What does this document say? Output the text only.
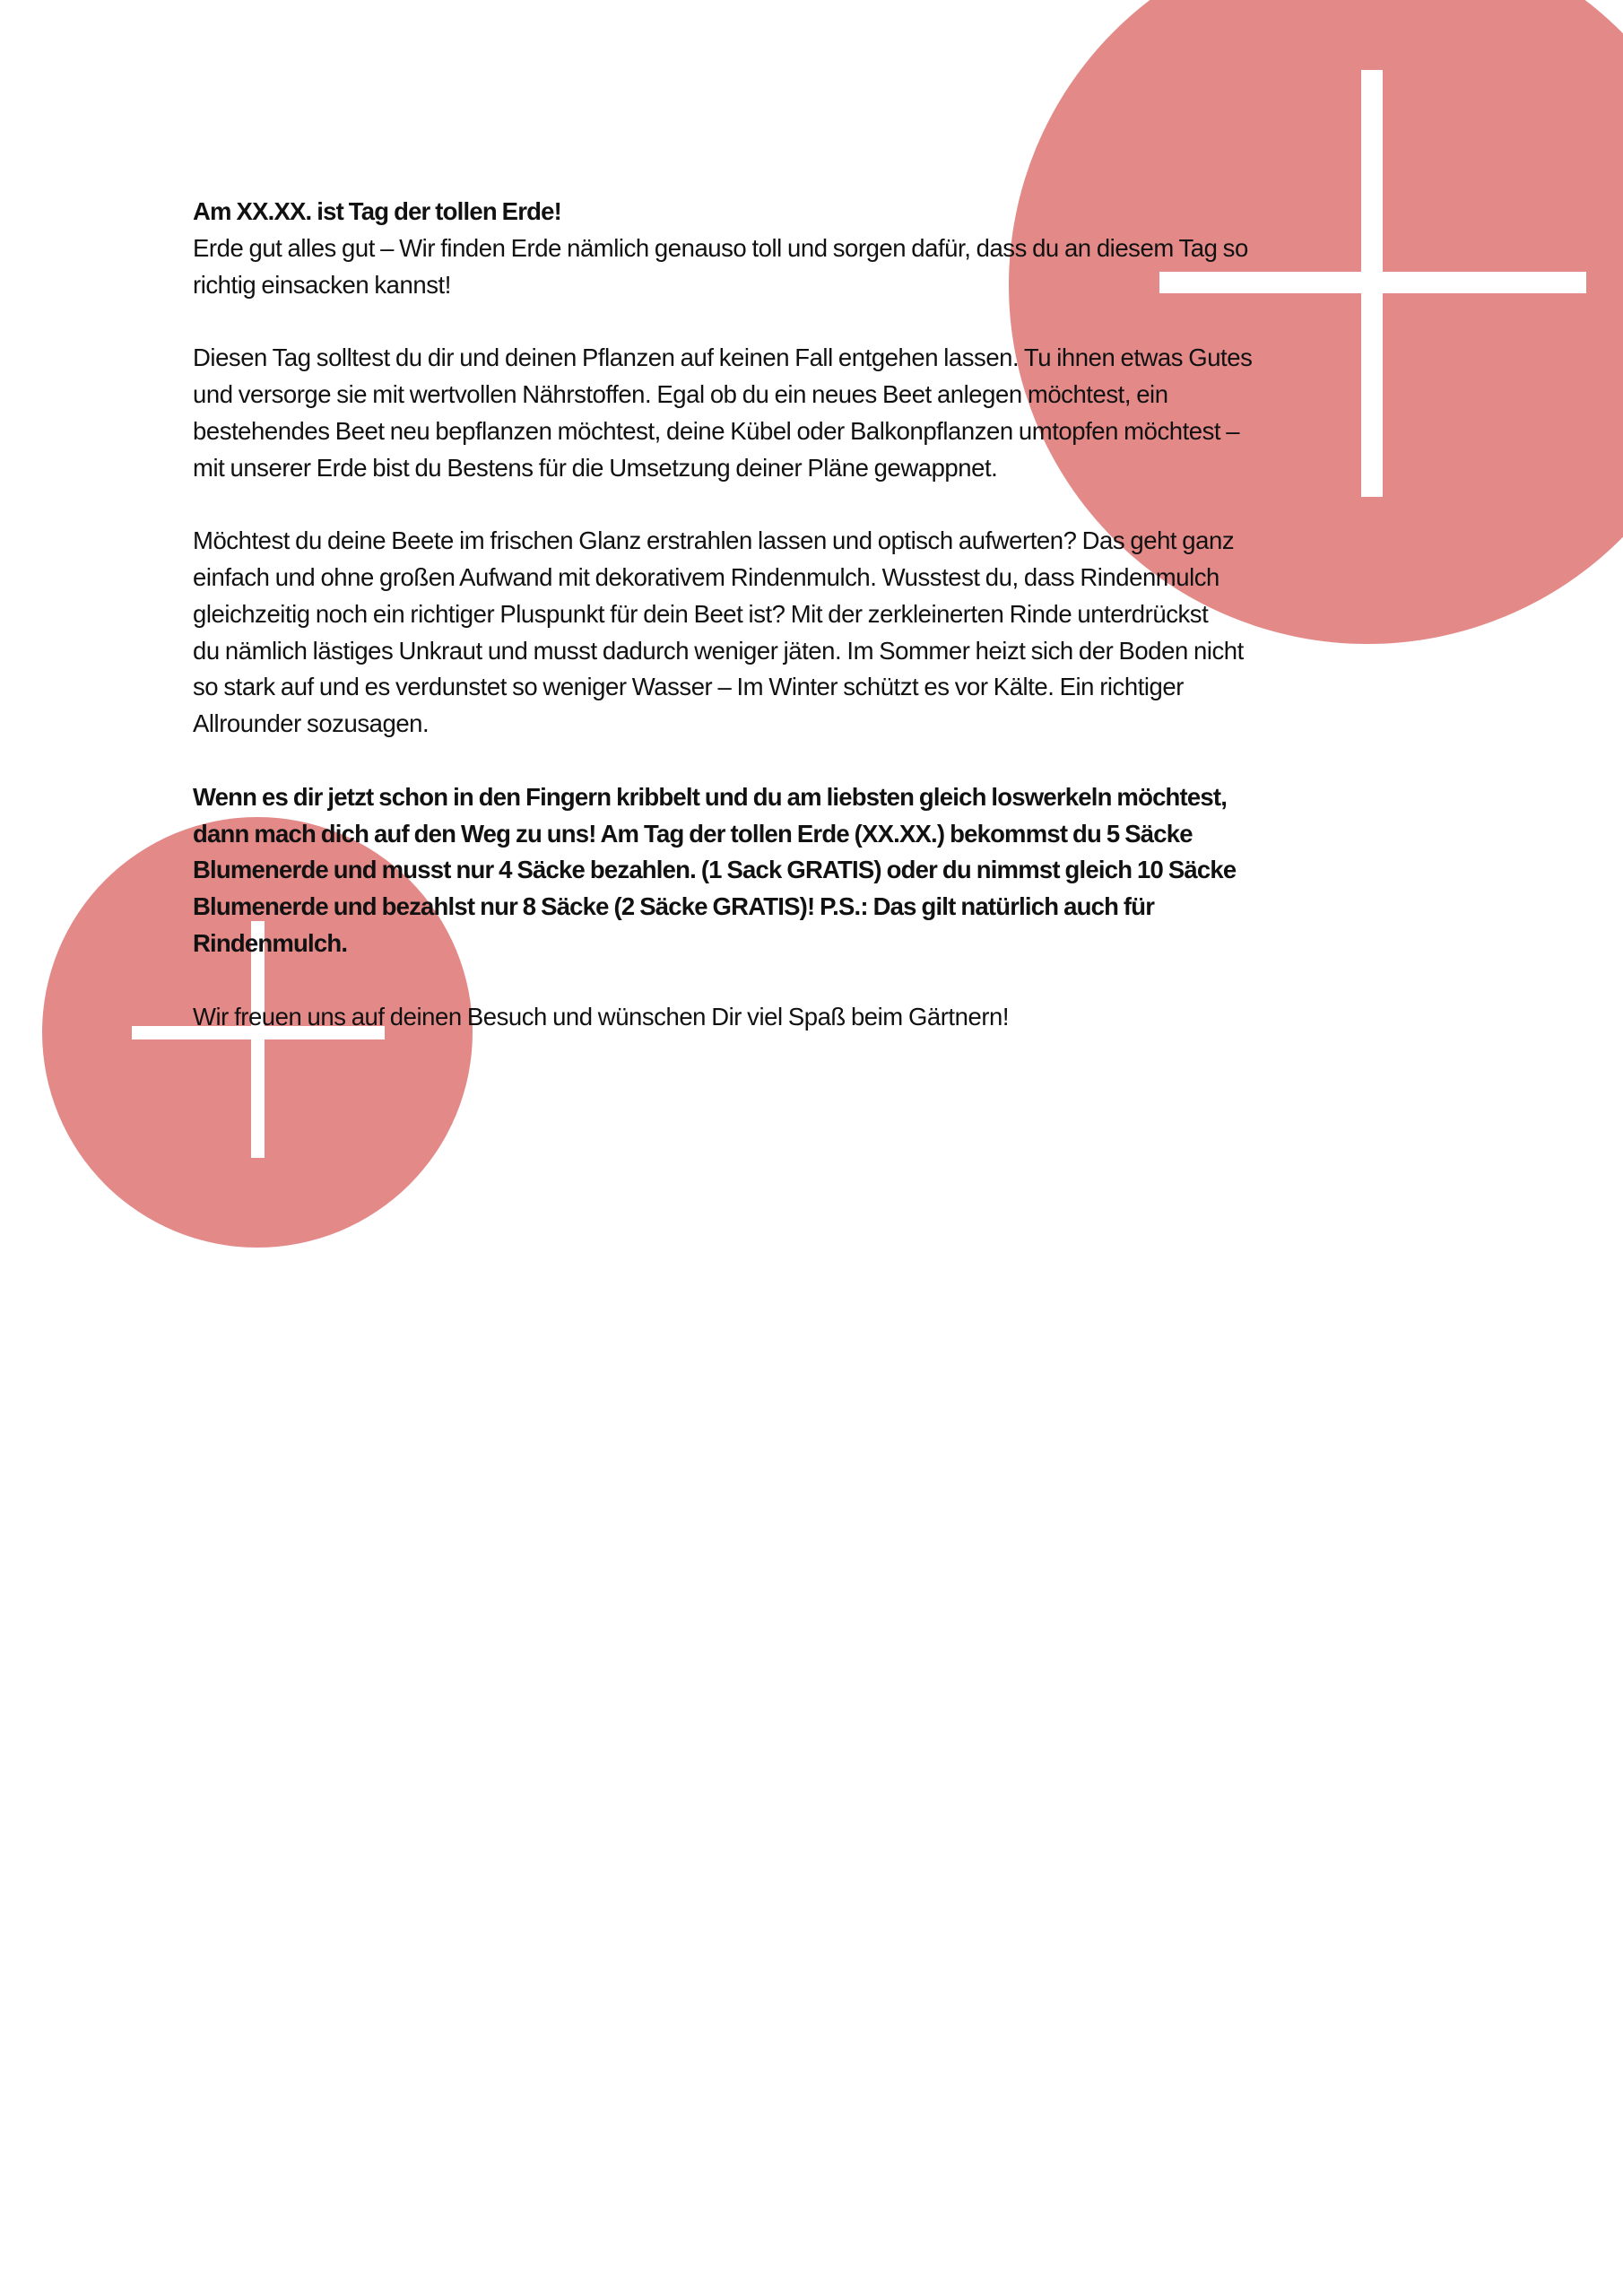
Am XX.XX. ist Tag der tollen Erde!
Erde gut alles gut – Wir finden Erde nämlich genauso toll und sorgen dafür, dass du an diesem Tag so
richtig einsacken kannst!
Diesen Tag solltest du dir und deinen Pflanzen auf keinen Fall entgehen lassen. Tu ihnen etwas Gutes
und versorge sie mit wertvollen Nährstoffen. Egal ob du ein neues Beet anlegen möchtest, ein
bestehendes Beet neu bepflanzen möchtest, deine Kübel oder Balkonpflanzen umtopfen möchtest –
mit unserer Erde bist du Bestens für die Umsetzung deiner Pläne gewappnet.
Möchtest du deine Beete im frischen Glanz erstrahlen lassen und optisch aufwerten? Das geht ganz
einfach und ohne großen Aufwand mit dekorativem Rindenmulch. Wusstest du, dass Rindenmulch
gleichzeitig noch ein richtiger Pluspunkt für dein Beet ist? Mit der zerkleinerten Rinde unterdrückst
du nämlich lästiges Unkraut und musst dadurch weniger jäten. Im Sommer heizt sich der Boden nicht
so stark auf und es verdunstet so weniger Wasser – Im Winter schützt es vor Kälte. Ein richtiger
Allrounder sozusagen.
Wenn es dir jetzt schon in den Fingern kribbelt und du am liebsten gleich loswerkeln möchtest,
dann mach dich auf den Weg zu uns! Am Tag der tollen Erde (XX.XX.) bekommst du 5 Säcke
Blumenerde und musst nur 4 Säcke bezahlen. (1 Sack GRATIS) oder du nimmst gleich 10 Säcke
Blumenerde und bezahlst nur 8 Säcke (2 Säcke GRATIS)! P.S.: Das gilt natürlich auch für
Rindenmulch.
Wir freuen uns auf deinen Besuch und wünschen Dir viel Spaß beim Gärtnern!
